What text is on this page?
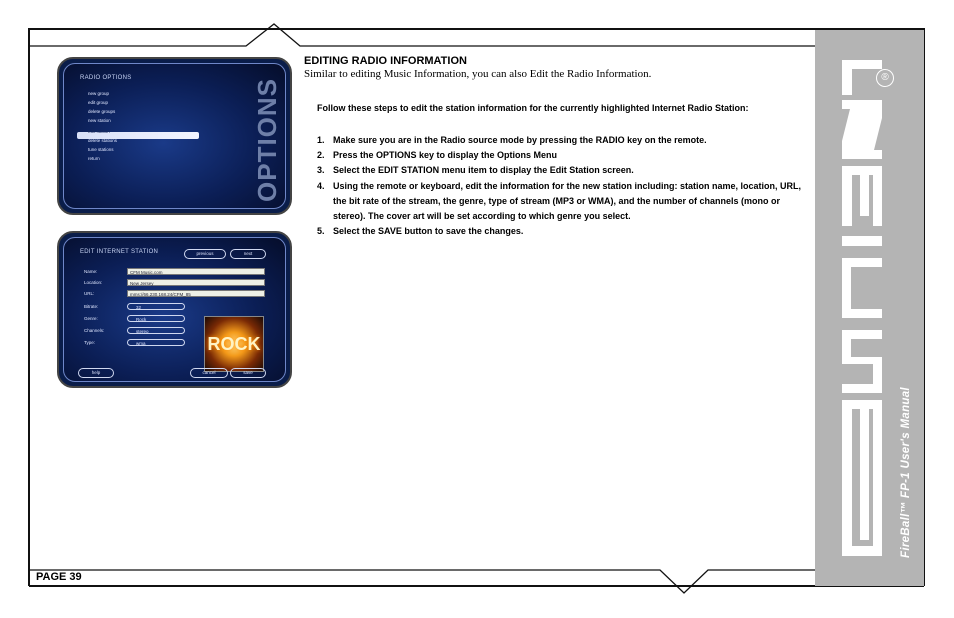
®
FireBall™ FP-1 User's Manual
RADIO OPTIONS
new group
edit group
delete groups
new station
edit station
delete stations
tune stations
return	OPTIONS
EDIT INTERNET STATION	previous	next
Name:	CFM Music.com
Location:	New Jersey
URL:	mms://66.230.168.24/CFM_85
Bitrate:	32
Genre:	Rock
Channels:	stereo
Type:	wma	ROCK
help	cancel	save

EDITING RADIO INFORMATION

Similar to editing Music Information, you can also Edit the Radio Information.

Follow these steps to edit the station information for the currently highlighted Internet Radio Station:
1. Make sure you are in the Radio source mode by pressing the RADIO key on the remote.
2. Press the OPTIONS key to display the Options Menu
3. Select the EDIT STATION menu item to display the Edit Station screen.
4. Using the remote or keyboard, edit the information for the new station including: station name, location, URL, the bit rate of the stream, the genre, type of stream (MP3 or WMA), and the number of channels (mono or stereo). The cover art will be set according to which genre you select.
5. Select the SAVE button to save the changes.
PAGE 39
